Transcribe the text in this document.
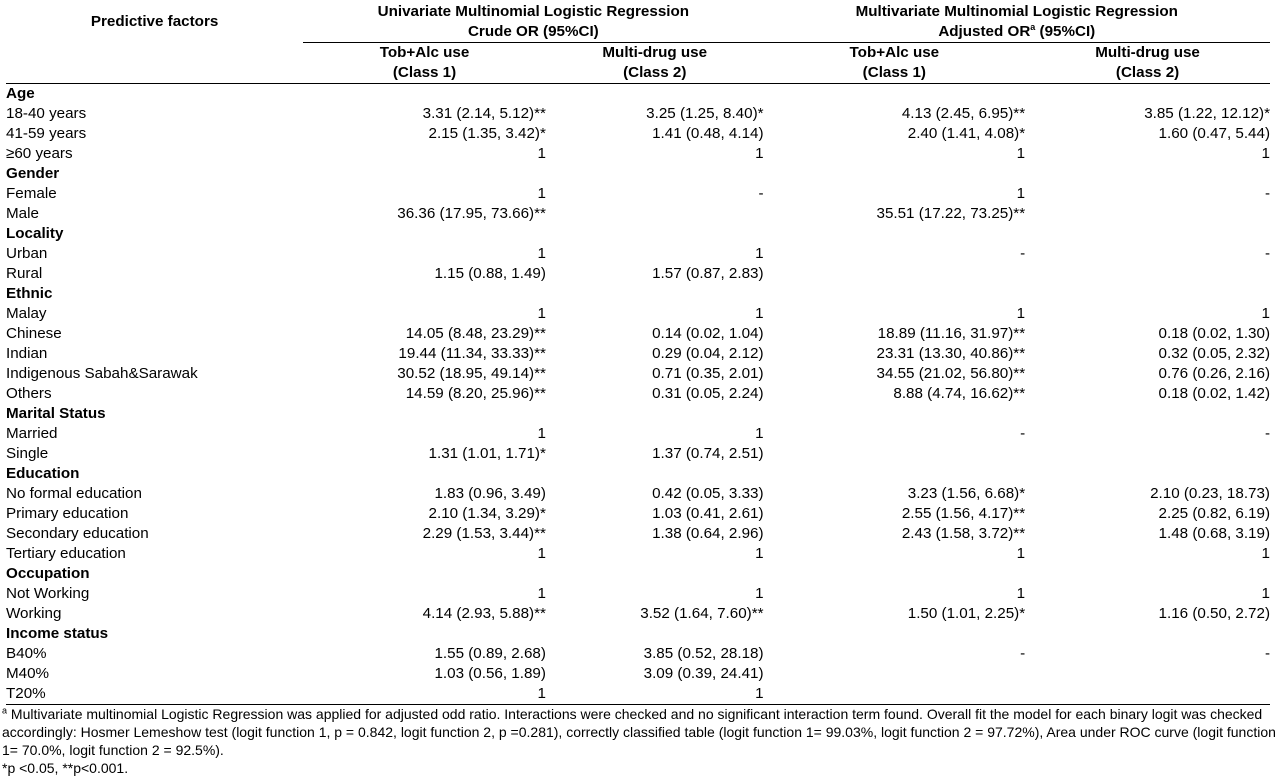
Predictive factors	Univariate Multinomial Logistic Regression		Multivariate Multinomial Logistic Regression	
	Crude OR (95%CI)		Adjusted $OR^a$ (95%CI)	
	Tob+Alc use	Multi-drug use	Tob+Alc use	Multi-drug use
	(Class 1)	(Class 2)	(Class 1)	(Class 2)
Age				
18-40 years	3.31 (2.14, 5.12)**	3.25 (1.25, 8.40)*	4.13 (2.45, 6.95)**	3.85 (1.22, 12.12)*
41-59 years	2.15 (1.35, 3.42)*	1.41 (0.48, 4.14)	2.40 (1.41, 4.08)*	1.60 (0.47, 5.44)
≥60 years	1	1	1	1
Gender				
Female	1	-	1	-
Male	36.36 (17.95, 73.66)**		35.51 (17.22, 73.25)**	
Locality				
Urban	1	1	-	-
Rural	1.15 (0.88, 1.49)	1.57 (0.87, 2.83)		
Ethnic				
Malay	1	1	1	1
Chinese	14.05 (8.48, 23.29)**	0.14 (0.02, 1.04)	18.89 (11.16, 31.97)**	0.18 (0.02, 1.30)
Indian	19.44 (11.34, 33.33)**	0.29 (0.04, 2.12)	23.31 (13.30, 40.86)**	0.32 (0.05, 2.32)
Indigenous Sabah&Sarawak	30.52 (18.95, 49.14)**	0.71 (0.35, 2.01)	34.55 (21.02, 56.80)**	0.76 (0.26, 2.16)
Others	14.59 (8.20, 25.96)**	0.31 (0.05, 2.24)	8.88 (4.74, 16.62)**	0.18 (0.02, 1.42)
Marital Status				
Married	1	1	-	-
Single	1.31 (1.01, 1.71)*	1.37 (0.74, 2.51)		
Education				
No formal education	1.83 (0.96, 3.49)	0.42 (0.05, 3.33)	3.23 (1.56, 6.68)*	2.10 (0.23, 18.73)
Primary education	2.10 (1.34, 3.29)*	1.03 (0.41, 2.61)	2.55 (1.56, 4.17)**	2.25 (0.82, 6.19)
Secondary education	2.29 (1.53, 3.44)**	1.38 (0.64, 2.96)	2.43 (1.58, 3.72)**	1.48 (0.68, 3.19)
Tertiary education	1	1	1	1
Occupation				
Not Working	1	1	1	1
Working	4.14 (2.93, 5.88)**	3.52 (1.64, 7.60)**	1.50 (1.01, 2.25)*	1.16 (0.50, 2.72)
Income status				
B40%	1.55 (0.89, 2.68)	3.85 (0.52, 28.18)	-	-
M40%	1.03 (0.56, 1.89)	3.09 (0.39, 24.41)		
T20%	1	1		

$^a$ Multivariate multinomial Logistic Regression was applied for adjusted odd ratio. Interactions were checked and no significant interaction term found. Overall fit the model for each binary logit was checked accordingly: Hosmer Lemeshow test (logit function 1, p = 0.842, logit function 2, p =0.281), correctly classified table (logit function 1= 99.03%, logit function 2 = 97.72%), Area under ROC curve (logit function 1= 70.0%, logit function 2 = 92.5%).

*p <0.05, **p<0.001.
